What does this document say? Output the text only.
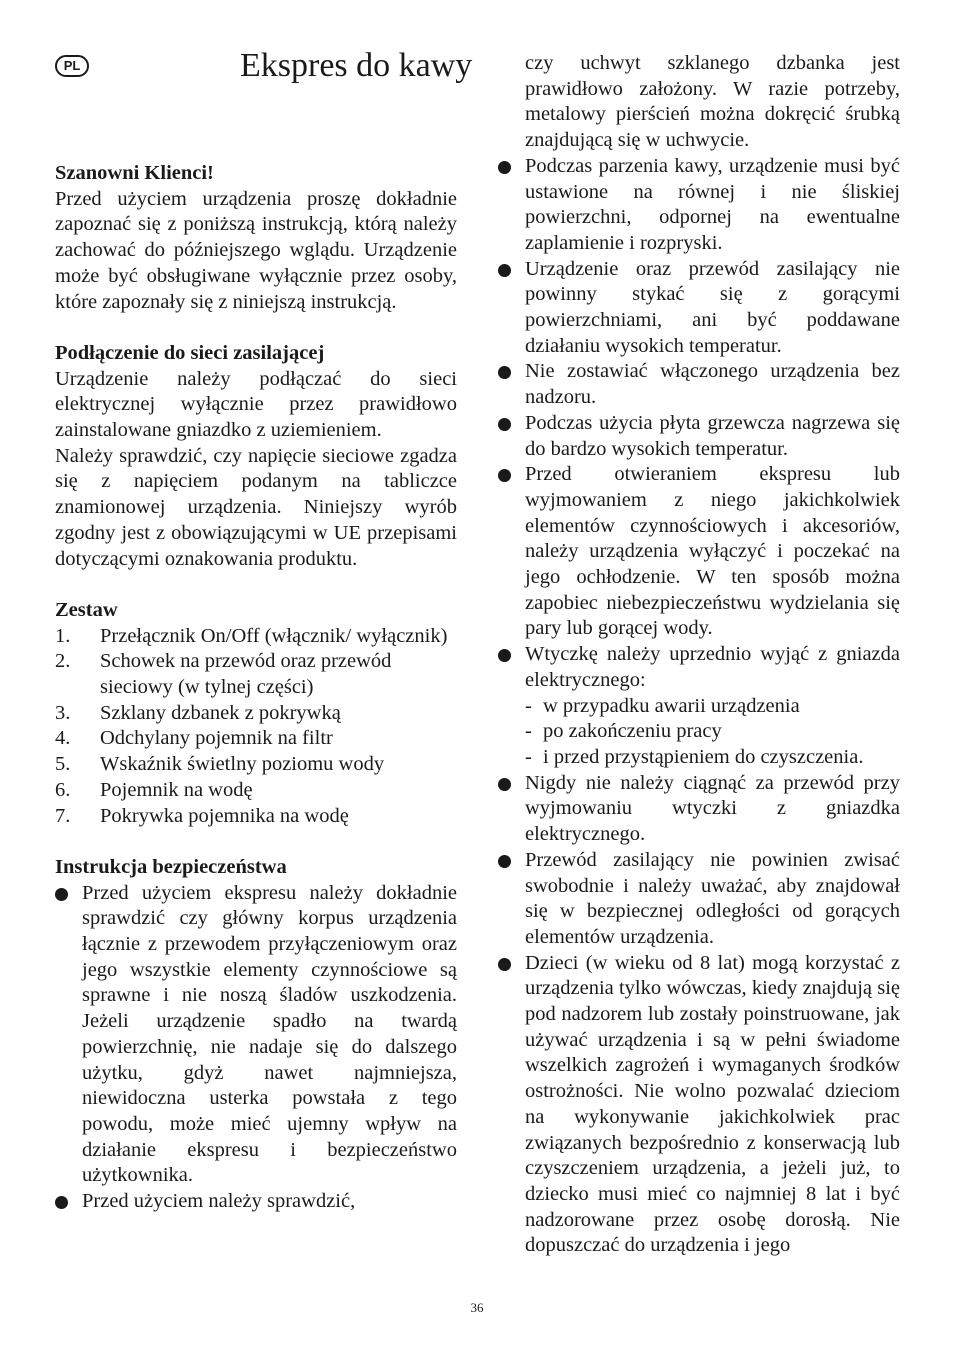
PL	Ekspres do kawy
Szanowni Klienci!

Przed użyciem urządzenia proszę dokładnie zapoznać się z poniższą instrukcją, którą należy zachować do późniejszego wglądu. Urządzenie może być obsługiwane wyłącznie przez osoby, które zapoznały się z niniejszą instrukcją.

Podłączenie do sieci zasilającej

Urządzenie należy podłączać do sieci elektrycznej wyłącznie przez prawidłowo zainstalowane gniazdko z uziemieniem.

Należy sprawdzić, czy napięcie sieciowe zgadza się z napięciem podanym na tabliczce znamionowej urządzenia. Niniejszy wyrób zgodny jest z obowiązującymi w UE przepisami dotyczącymi oznakowania produktu.

Zestaw
1.	Przełącznik On/Off (włącznik/ wyłącznik)
2.	Schowek na przewód oraz przewód sieciowy (w tylnej części)
3.	Szklany dzbanek z pokrywką
4.	Odchylany pojemnik na filtr
5.	Wskaźnik świetlny poziomu wody
6.	Pojemnik na wodę
7.	Pokrywka pojemnika na wodę
Instrukcja bezpieczeństwa
Przed użyciem ekspresu należy dokładnie sprawdzić czy główny korpus urządzenia łącznie z przewodem przyłączeniowym oraz jego wszystkie elementy czynnościowe są sprawne i nie noszą śladów uszkodzenia. Jeżeli urządzenie spadło na twardą powierzchnię, nie nadaje się do dalszego użytku, gdyż nawet najmniejsza, niewidoczna usterka powstała z tego powodu, może mieć ujemny wpływ na działanie ekspresu i bezpieczeństwo użytkownika.
Przed użyciem należy sprawdzić,
czy uchwyt szklanego dzbanka jest prawidłowo założony. W razie potrzeby, metalowy pierścień można dokręcić śrubką znajdującą się w uchwycie.
Podczas parzenia kawy, urządzenie musi być ustawione na równej i nie śliskiej powierzchni, odpornej na ewentualne zaplamienie i rozpryski.
Urządzenie oraz przewód zasilający nie powinny stykać się z gorącymi powierzchniami, ani być poddawane działaniu wysokich temperatur.
Nie zostawiać włączonego urządzenia bez nadzoru.
Podczas użycia płyta grzewcza nagrzewa się do bardzo wysokich temperatur.
Przed otwieraniem ekspresu lub wyjmowaniem z niego jakichkolwiek elementów czynnościowych i akcesoriów, należy urządzenia wyłączyć i poczekać na jego ochłodzenie. W ten sposób można zapobiec niebezpieczeństwu wydzielania się pary lub gorącej wody.
Wtyczkę należy uprzednio wyjąć z gniazda elektrycznego:
- w przypadku awarii urządzenia
- po zakończeniu pracy
- i przed przystąpieniem do czyszczenia.
Nigdy nie należy ciągnąć za przewód przy wyjmowaniu wtyczki z gniazdka elektrycznego.
Przewód zasilający nie powinien zwisać swobodnie i należy uważać, aby znajdował się w bezpiecznej odległości od gorących elementów urządzenia.
Dzieci (w wieku od 8 lat) mogą korzystać z urządzenia tylko wówczas, kiedy znajdują się pod nadzorem lub zostały poinstruowane, jak używać urządzenia i są w pełni świadome wszelkich zagrożeń i wymaganych środków ostrożności. Nie wolno pozwalać dzieciom na wykonywanie jakichkolwiek prac związanych bezpośrednio z konserwacją lub czyszczeniem urządzenia, a jeżeli już, to dziecko musi mieć co najmniej 8 lat i być nadzorowane przez osobę dorosłą. Nie dopuszczać do urządzenia i jego
36
